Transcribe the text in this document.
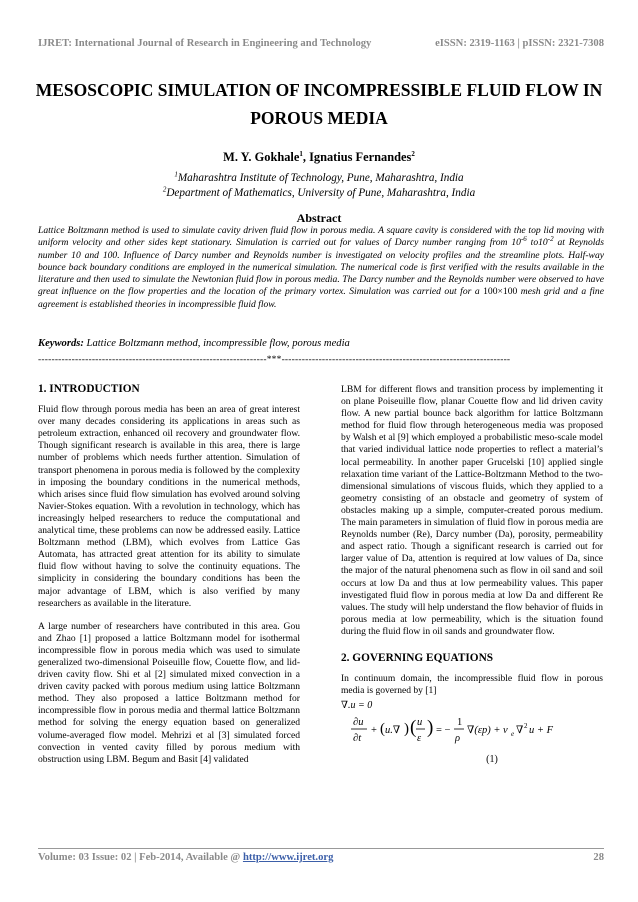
IJRET: International Journal of Research in Engineering and Technology	eISSN: 2319-1163 | pISSN: 2321-7308
MESOSCOPIC SIMULATION OF INCOMPRESSIBLE FLUID FLOW IN
POROUS MEDIA
M. Y. Gokhale$^1$, Ignatius Fernandes$^2$
$^1$Maharashtra Institute of Technology, Pune, Maharashtra, India
$^2$Department of Mathematics, University of Pune, Maharashtra, India
Abstract
Lattice Boltzmann method is used to simulate cavity driven fluid flow in porous media. A square cavity is considered with the top lid moving with uniform velocity and other sides kept stationary. Simulation is carried out for values of Darcy number ranging from $10^{-6}$ $to10^{-2}$ at Reynolds number 10 and 100. Influence of Darcy number and Reynolds number is investigated on velocity profiles and the streamline plots. Half-way bounce back boundary conditions are employed in the numerical simulation. The numerical code is first verified with the results available in the literature and then used to simulate the Newtonian fluid flow in porous media. The Darcy number and the Reynolds number were observed to have great influence on the flow properties and the location of the primary vortex. Simulation was carried out for a 100×100 mesh grid and a fine agreement is established theories in incompressible fluid flow.
Keywords: Lattice Boltzmann method, incompressible flow, porous media
--------------------------------------------------------------------***--------------------------------------------------------------------
1. INTRODUCTION

Fluid flow through porous media has been an area of great interest over many decades considering its applications in areas such as petroleum extraction, enhanced oil recovery and groundwater flow. Though significant research is available in this area, there is large number of problems which needs further attention. Simulation of transport phenomena in porous media is followed by the complexity in imposing the boundary conditions in the numerical methods, which arises since fluid flow simulation has evolved around solving Navier-Stokes equation. With a revolution in technology, which has increasingly helped researchers to reduce the computational and analytical time, these problems can now be addressed easily. Lattice Boltzmann method (LBM), which evolves from Lattice Gas Automata, has attracted great attention for its ability to simulate fluid flow without having to solve the continuity equations. The simplicity in considering the boundary conditions has been the major advantage of LBM, which is also verified by many researchers as available in the literature.

A large number of researchers have contributed in this area. Gou and Zhao [1] proposed a lattice Boltzmann model for isothermal incompressible flow in porous media which was used to simulate generalized two-dimensional Poiseuille flow, Couette flow, and lid-driven cavity flow. Shi et al [2] simulated mixed convection in a driven cavity packed with porous medium using lattice Boltzmann method. They also proposed a lattice Boltzmann method for incompressible flow in porous media and thermal lattice Boltzmann method for solving the energy equation based on generalized volume-averaged flow model. Mehrizi et al [3] simulated forced convection in vented cavity filled by porous medium with obstruction using LBM. Begum and Basit [4] validated

LBM for different flows and transition process by implementing it on plane Poiseuille flow, planar Couette flow and lid driven cavity flow. A new partial bounce back algorithm for lattice Boltzmann method for fluid flow through heterogeneous media was proposed by Walsh et al [9] which employed a probabilistic meso-scale model that varied individual lattice node properties to reflect a material’s local permeability. In another paper Grucelski [10] applied single relaxation time variant of the Lattice-Boltzmann Method to the two-dimensional simulations of viscous fluids, which they applied to a geometry consisting of an obstacle and geometry of system of obstacles making up a simple, computer-created porous medium. The main parameters in simulation of fluid flow in porous media are Reynolds number (Re), Darcy number (Da), porosity, permeability and aspect ratio. Though a significant research is carried out for larger value of Da, attention is required at low values of Da, since the major of the natural phenomena such as flow in oil sand and soil occurs at low Da and thus at low permeability values. This paper investigated fluid flow in porous media at low Da and different Re values. The study will help understand the flow behavior of fluids in porous media at low permeability, which is the situation found during the fluid flow in oil sands and groundwater flow.

2. GOVERNING EQUATIONS

In continuum domain, the incompressible fluid flow in porous media is governed by [1]

∇.u = 0
∂u
∂t
+ ( u.∇ ) ( u
ε
) = −
1
ρ
∇(εp) + v e ∇ 2 u + F
(1)
Volume: 03 Issue: 02 | Feb-2014, Available @ http://www.ijret.org	28
